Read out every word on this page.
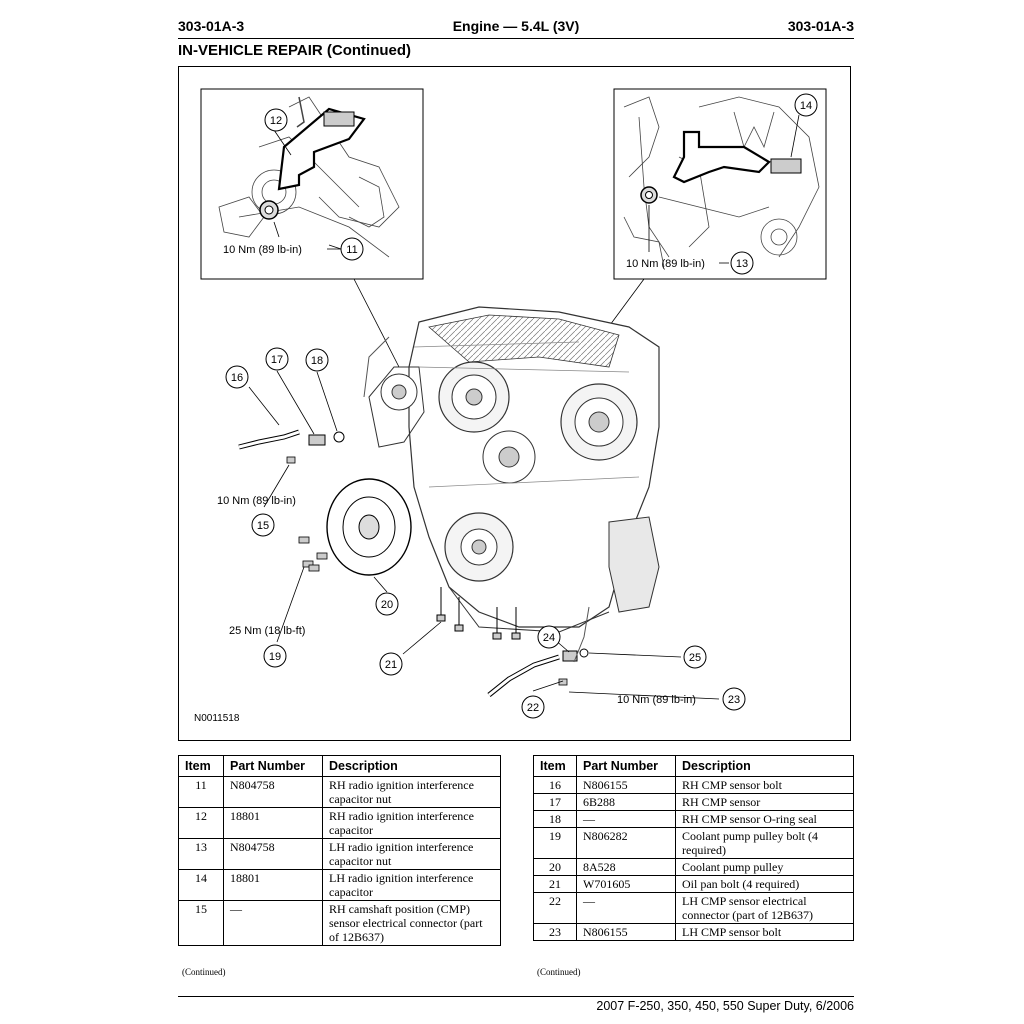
303-01A-3	Engine — 5.4L (3V)	303-01A-3
IN-VEHICLE REPAIR (Continued)
12
11
13
14
15
16
17	18
19
20
21
22
23
24
25
10 Nm (89 lb-in)
10 Nm (89 lb-in)
10 Nm (89 lb-in)
25 Nm (18 lb-ft)
10 Nm (89 lb-in)
N0011518
Item	Part Number	Description
11	N804758	RH radio ignition interference capacitor nut
12	18801	RH radio ignition interference capacitor
13	N804758	LH radio ignition interference capacitor nut
14	18801	LH radio ignition interference capacitor
15	—	RH camshaft position (CMP) sensor electrical connector (part of 12B637)
(Continued)
Item	Part Number	Description
16	N806155	RH CMP sensor bolt
17	6B288	RH CMP sensor
18	—	RH CMP sensor O-ring seal
19	N806282	Coolant pump pulley bolt (4 required)
20	8A528	Coolant pump pulley
21	W701605	Oil pan bolt (4 required)
22	—	LH CMP sensor electrical connector (part of 12B637)
23	N806155	LH CMP sensor bolt
(Continued)
2007 F-250, 350, 450, 550 Super Duty, 6/2006
